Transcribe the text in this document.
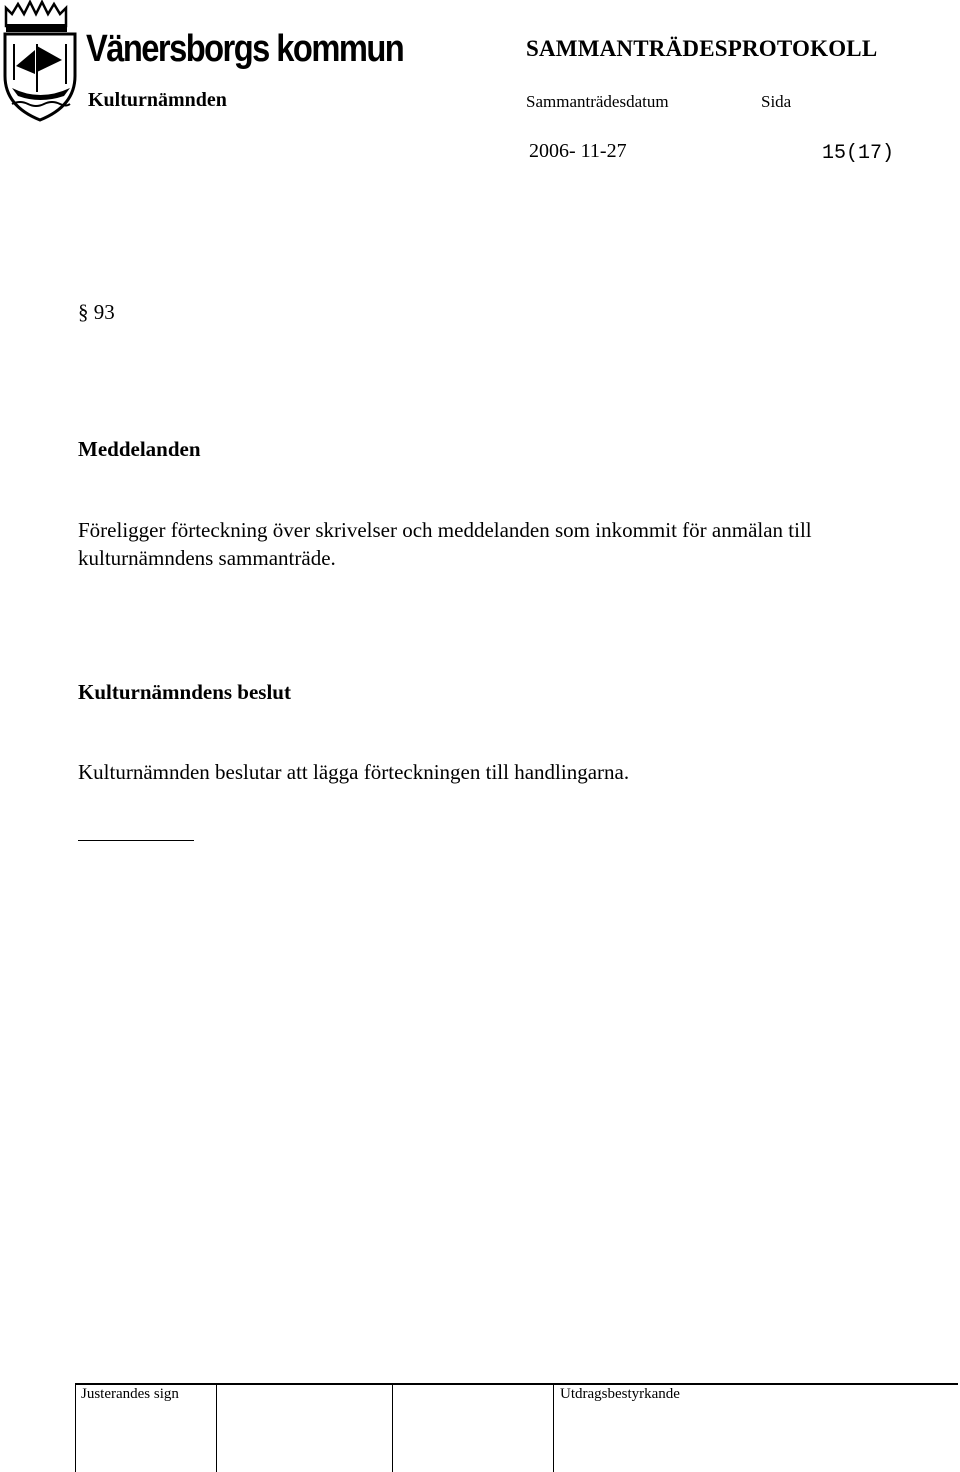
Vänersborgs kommun	SAMMANTRÄDESPROTOKOLL
Kulturnämnden	Sammanträdesdatum	Sida
2006- 11-27	15(17)
§ 93
Meddelanden
Föreligger förteckning över skrivelser och meddelanden som inkommit för anmälan till kulturnämndens sammanträde.
Kulturnämndens beslut
Kulturnämnden beslutar att lägga förteckningen till handlingarna.
Justerandes sign	Utdragsbestyrkande
